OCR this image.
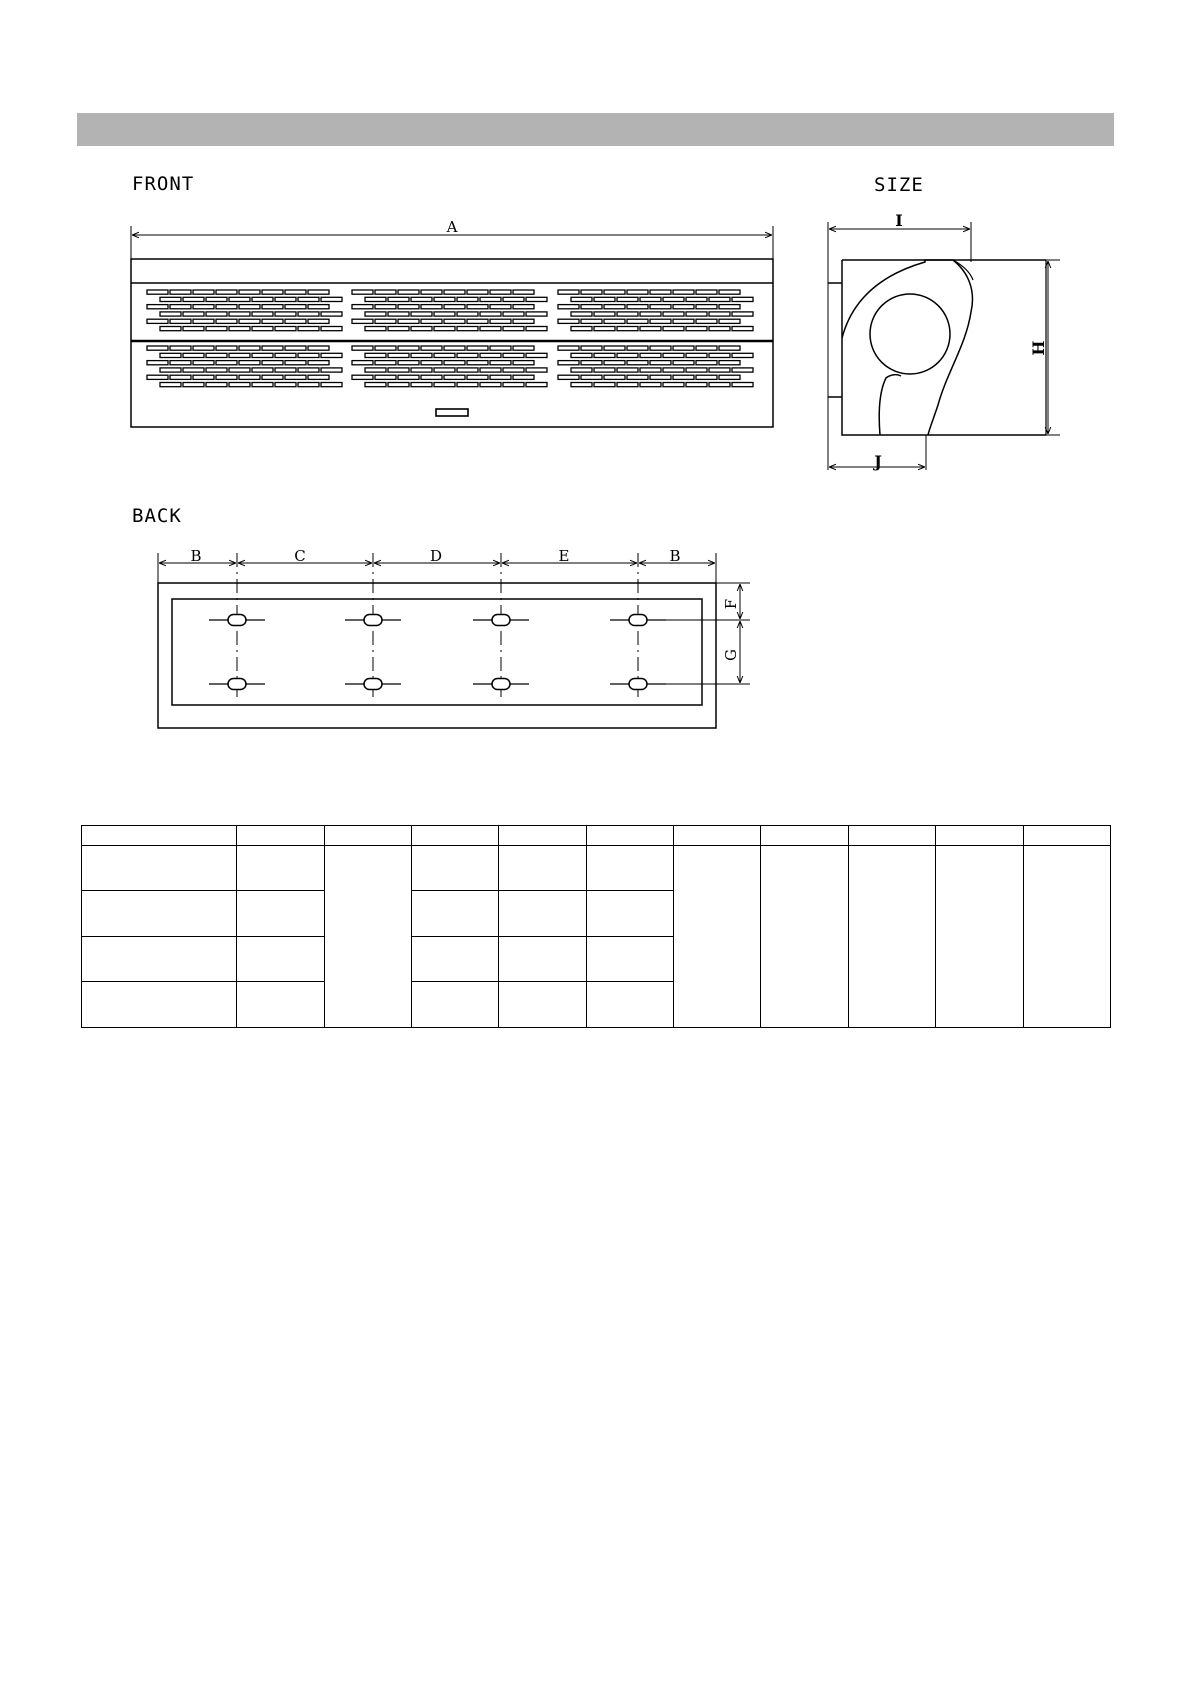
FRONT	SIZE
BACK
A	I
J
H
B	C	D	E	B
F
G
